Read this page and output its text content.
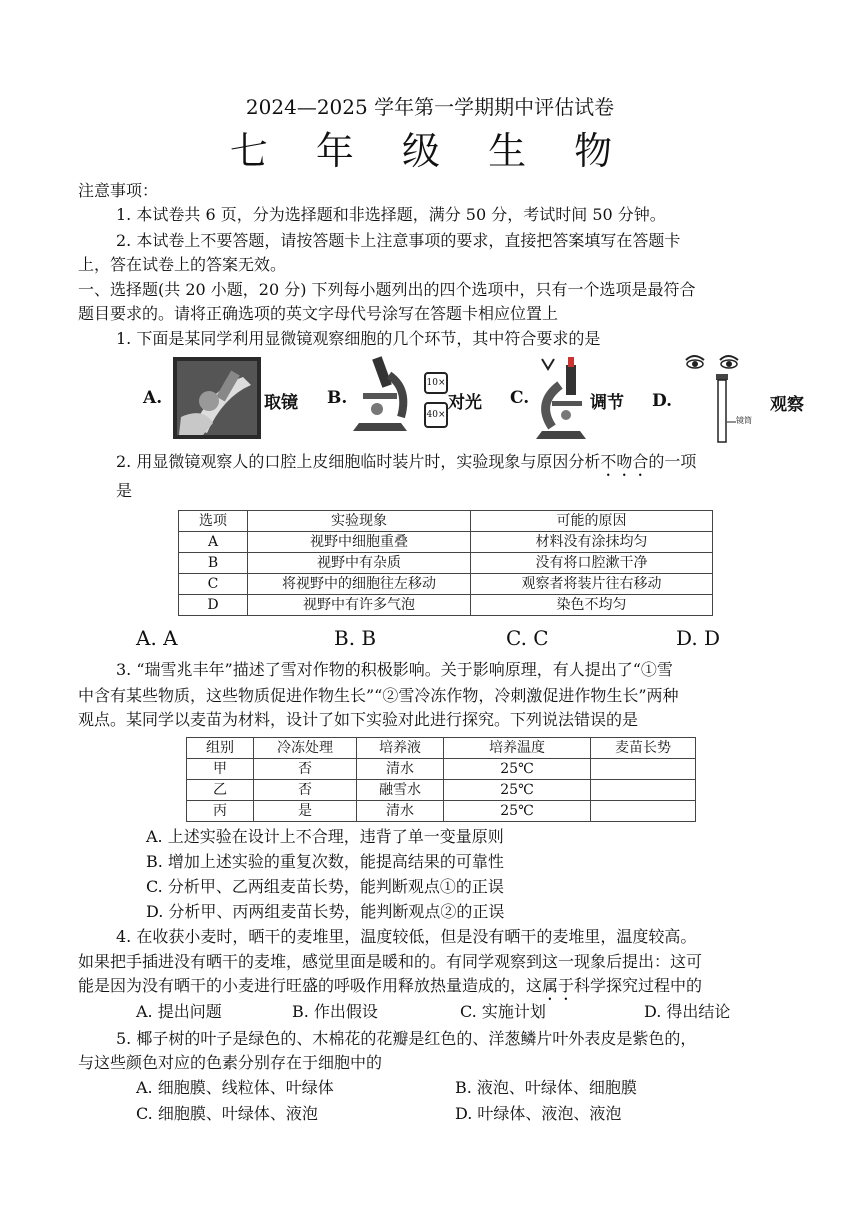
2024—2025 学年第一学期期中评估试卷
七 年 级 生 物
注意事项：
1. 本试卷共 6 页，分为选择题和非选择题，满分 50 分，考试时间 50 分钟。
2. 本试卷上不要答题，请按答题卡上注意事项的要求，直接把答案填写在答题卡
上，答在试卷上的答案无效。
一、选择题(共 20 小题，20 分) 下列每小题列出的四个选项中，只有一个选项是最符合
题目要求的。请将正确选项的英文字母代号涂写在答题卡相应位置上
1. 下面是某同学利用显微镜观察细胞的几个环节，其中符合要求的是
A.	取镜 B.
10×
40×
对光 C.	调节 D.
镜筒
观察
2. 用显微镜观察人的口腔上皮细胞临时装片时，实验现象与原因分析不吻合的一项
是
选项	实验现象	可能的原因
A	视野中细胞重叠	材料没有涂抹均匀
B	视野中有杂质	没有将口腔漱干净
C	将视野中的细胞往左移动	观察者将装片往右移动
D	视野中有许多气泡	染色不均匀
A. A	B. B	C. C	D. D
3. “瑞雪兆丰年”描述了雪对作物的积极影响。关于影响原理，有人提出了“①雪
中含有某些物质，这些物质促进作物生长”“②雪冷冻作物，冷刺激促进作物生长”两种
观点。某同学以麦苗为材料，设计了如下实验对此进行探究。下列说法错误的是
组别	冷冻处理	培养液	培养温度	麦苗长势
甲	否	清水	25℃	
乙	否	融雪水	25℃	
丙	是	清水	25℃	
A. 上述实验在设计上不合理，违背了单一变量原则
B. 增加上述实验的重复次数，能提高结果的可靠性
C. 分析甲、乙两组麦苗长势，能判断观点①的正误
D. 分析甲、丙两组麦苗长势，能判断观点②的正误
4. 在收获小麦时，晒干的麦堆里，温度较低，但是没有晒干的麦堆里，温度较高。
如果把手插进没有晒干的麦堆，感觉里面是暖和的。有同学观察到这一现象后提出：这可
能是因为没有晒干的小麦进行旺盛的呼吸作用释放热量造成的，这属于科学探究过程中的
A. 提出问题	B. 作出假设	C. 实施计划	D. 得出结论
5. 椰子树的叶子是绿色的、木棉花的花瓣是红色的、洋葱鳞片叶外表皮是紫色的，
与这些颜色对应的色素分别存在于细胞中的
A. 细胞膜、线粒体、叶绿体	B. 液泡、叶绿体、细胞膜
C. 细胞膜、叶绿体、液泡	D. 叶绿体、液泡、液泡
